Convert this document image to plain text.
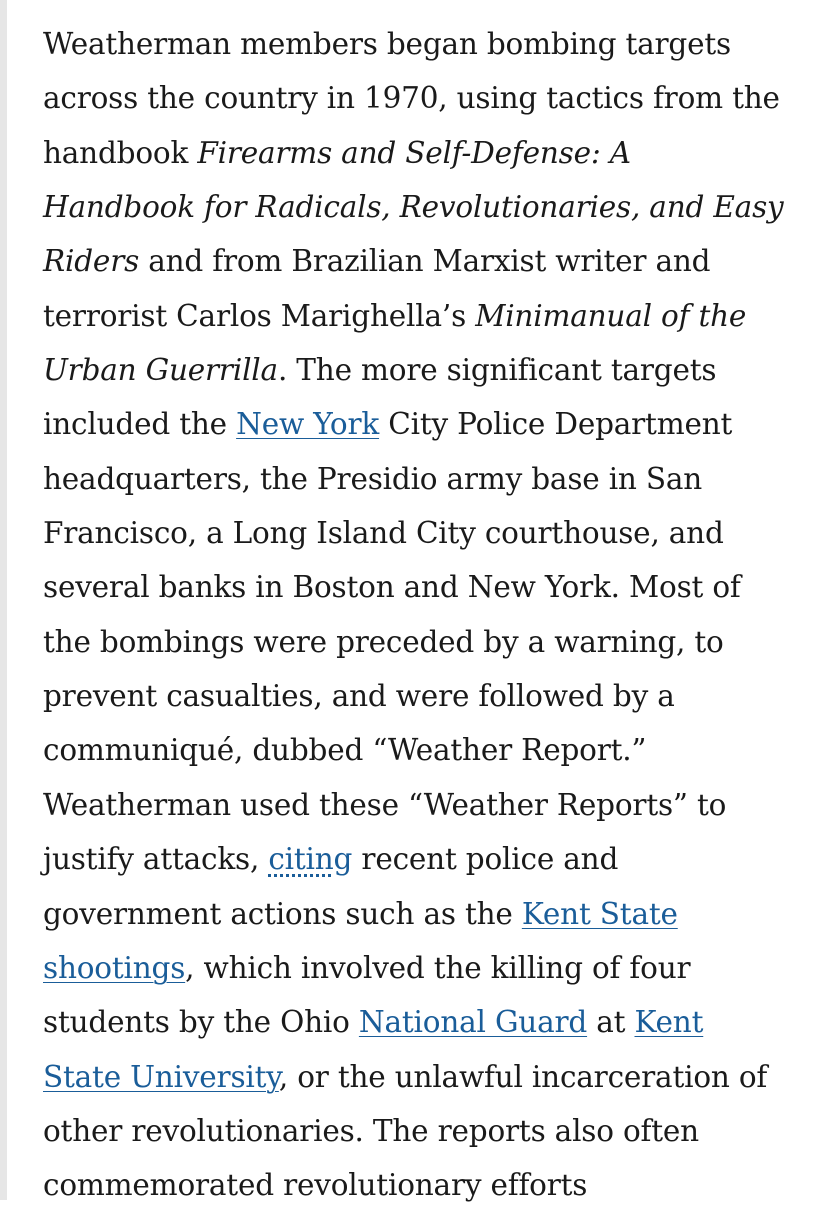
Weatherman members began bombing targets across the country in 1970, using tactics from the handbook Firearms and Self-Defense: A Handbook for Radicals, Revolutionaries, and Easy Riders and from Brazilian Marxist writer and terrorist Carlos Marighella’s Minimanual of the Urban Guerrilla. The more significant targets included the New York City Police Department headquarters, the Presidio army base in San Francisco, a Long Island City courthouse, and several banks in Boston and New York. Most of the bombings were preceded by a warning, to prevent casualties, and were followed by a communiqué, dubbed “Weather Report.” Weatherman used these “Weather Reports” to justify attacks, citing recent police and government actions such as the Kent State shootings, which involved the killing of four students by the Ohio National Guard at Kent State University, or the unlawful incarceration of other revolutionaries. The reports also often commemorated revolutionary efforts
